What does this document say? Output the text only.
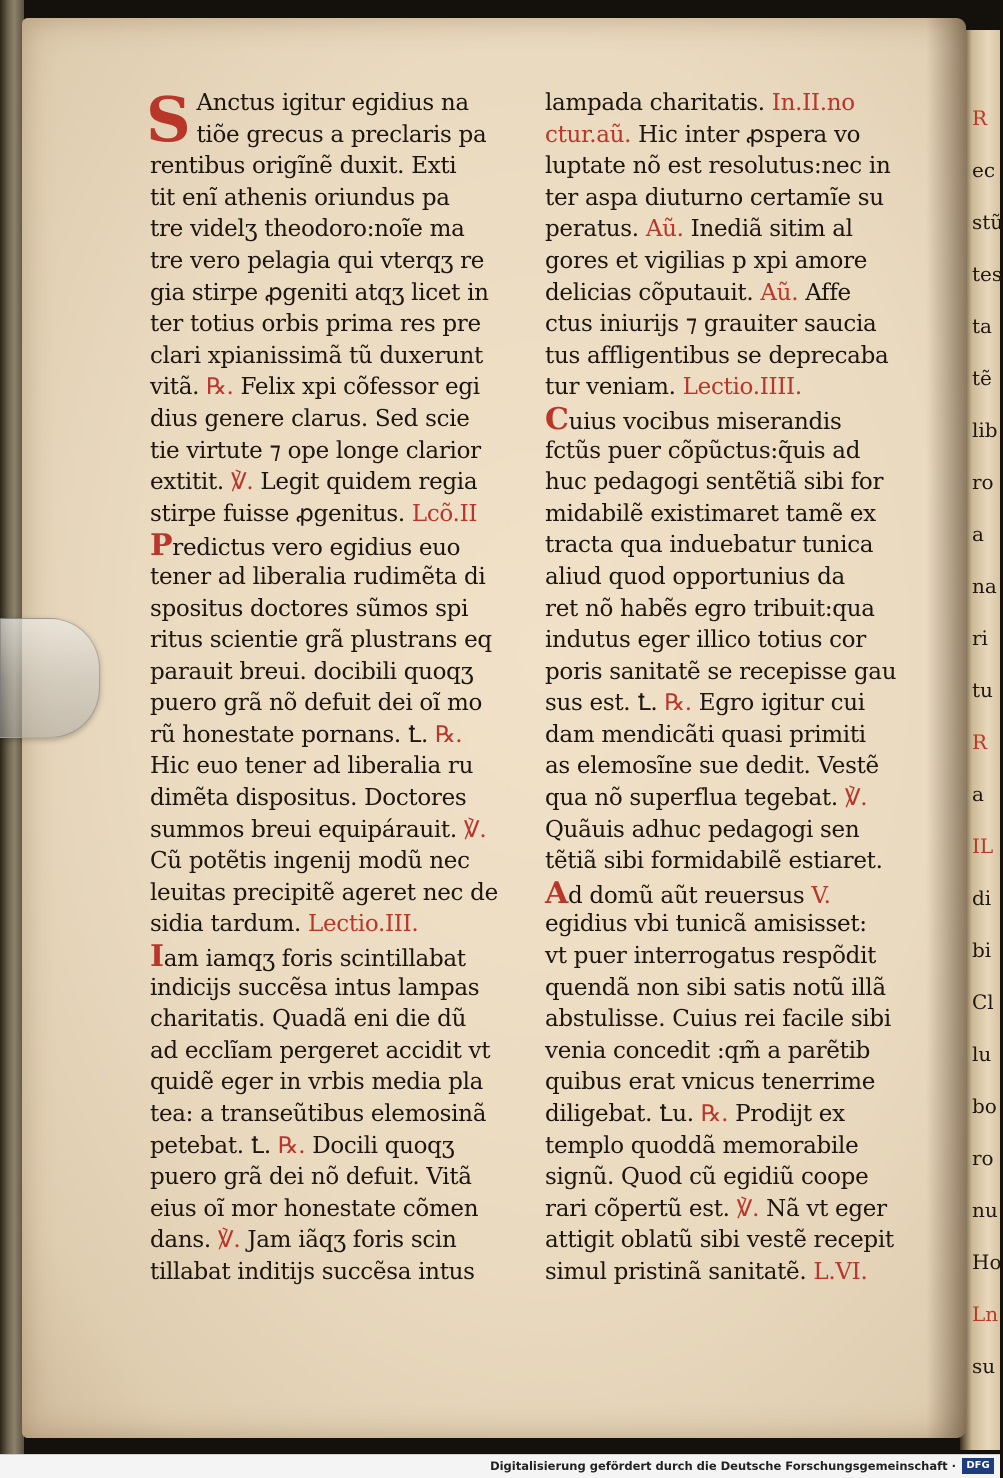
R
ec
stũ
tes
ta
tẽ
lib
ro
a
na
ri
tu
R
a
IL
di
bi
Cl
lu
bo
ro
nu
Ho
Ln
su
S Anctus igitur egidius na
tiõe grecus a preclaris pa
rentibus origĩnẽ duxit. Exti
tit enĩ athenis oriundus pa
tre videlʒ theodoro:noĩe ma
tre vero pelagia qui vterqʒ re
gia stirpe ꝓgeniti atqʒ licet in
ter totius orbis prima res pre
clari xpianissimã tũ duxerunt
vitã. ℞. Felix xpi cõfessor egi
dius genere clarus. Sed scie
tie virtute ⁊ ope longe clarior
extitit. ℣. Legit quidem regia
stirpe fuisse ꝓgenitus. Lcõ.II
Predictus vero egidius euo
tener ad liberalia rudimẽta di
spositus doctores sũmos spi
ritus scientie grã plustrans eq
parauit breui. docibili quoqʒ
puero grã nõ defuit dei oĩ mo
rũ honestate pornans. Ꝉ. ℞.
Hic euo tener ad liberalia ru
dimẽta dispositus. Doctores
summos breui equipárauit. ℣.
Cũ potẽtis ingenij modũ nec
leuitas precipitẽ ageret nec de
sidia tardum. Lectio.III.
Iam iamqʒ foris scintillabat
indicijs succẽsa intus lampas
charitatis. Quadã eni die dũ
ad ecclĩam pergeret accidit vt
quidẽ eger in vrbis media pla
tea: a transeũtibus elemosinã
petebat. Ꝉ. ℞. Docili quoqʒ
puero grã dei nõ defuit. Vitã
eius oĩ mor honestate cõmen
dans. ℣. Jam iãqʒ foris scin
tillabat inditijs succẽsa intus
lampada charitatis. In.II.no
ctur.aũ. Hic inter ꝓspera vo
luptate nõ est resolutus:nec in
ter aspa diuturno certamĩe su
peratus. Aũ. Inediã sitim al
gores et vigilias p xpi amore
delicias cõputauit. Aũ. Affe
ctus iniurijs ⁊ grauiter saucia
tus affligentibus se deprecaba
tur veniam. Lectio.IIII.
Cuius vocibus miserandis
fctũs puer cõpũctus:q̃uis ad
huc pedagogi sentẽtiã sibi for
midabilẽ existimaret tamẽ ex
tracta qua induebatur tunica
aliud quod opportunius da
ret nõ habẽs egro tribuit:qua
indutus eger illico totius cor
poris sanitatẽ se recepisse gau
sus est. Ꝉ. ℞. Egro igitur cui
dam mendicãti quasi primiti
as elemosĩne sue dedit. Vestẽ
qua nõ superflua tegebat. ℣.
Quãuis adhuc pedagogi sen
tẽtiã sibi formidabilẽ estiaret.
Ad domũ aũt reuersus V.
egidius vbi tunicã amisisset:
vt puer interrogatus respõdit
quendã non sibi satis notũ illã
abstulisse. Cuius rei facile sibi
venia concedit :qm̃ a parẽtib
quibus erat vnicus tenerrime
diligebat. Ꝉu. ℞. Prodijt ex
templo quoddã memorabile
signũ. Quod cũ egidiũ coope
rari cõpertũ est. ℣. Nã vt eger
attigit oblatũ sibi vestẽ recepit
simul pristinã sanitatẽ. L.VI.
Digitalisierung gefördert durch die Deutsche Forschungsgemeinschaft ·	DFG
